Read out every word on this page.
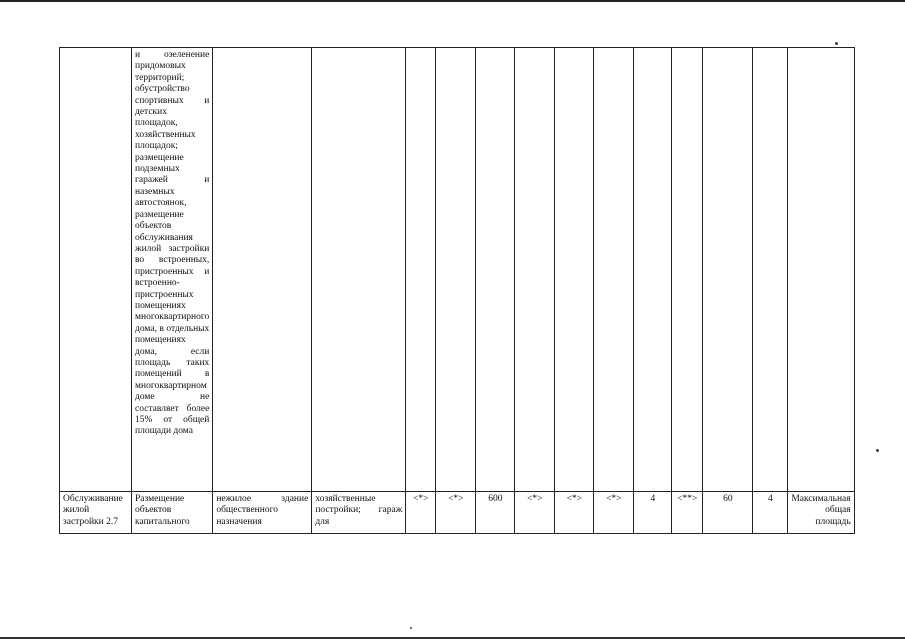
	и озеленение придомовых территорий; обустройство спортивных и детских площадок, хозяйственных площадок; размещение подземных гаражей и наземных автостоянок, размещение объектов обслуживания жилой застройки во встроенных, пристроенных и встроенно-пристроенных помещениях многоквартирного дома, в отдельных помещениях дома, если площадь таких помещений в многоквартирном доме не составляет более 15% от общей площади дома													
Обслуживание жилой застройки 2.7	Размещение объектов капитального	нежилое здание общественного назначения	хозяйственные постройки; гараж для	<*>	<*>	600	<*>	<*>	<*>	4	<**>	60	4	Максимальная общая площадь
